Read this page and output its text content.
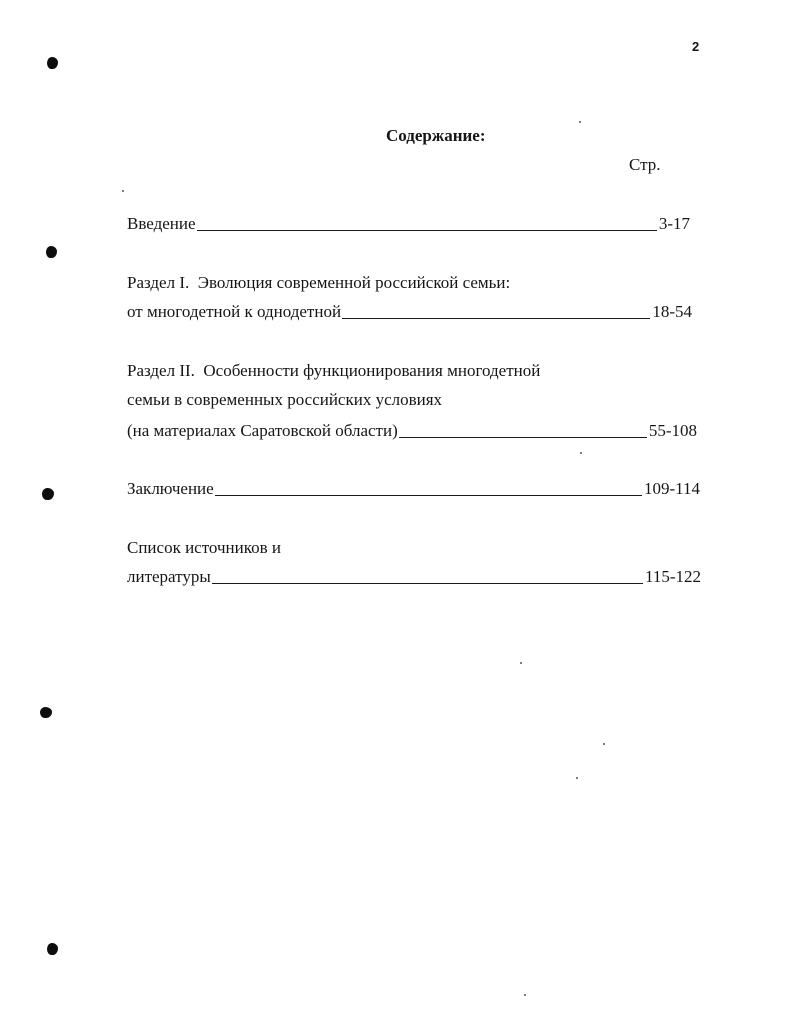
2
Содержание:
Стр.
Введение	3-17
Раздел I.  Эволюция современной российской семьи:
от многодетной к однодетной	18-54
Раздел II.  Особенности функционирования многодетной
семьи в современных российских условиях
(на материалах Саратовской области)	55-108
Заключение	109-114
Список источников и
литературы	115-122
